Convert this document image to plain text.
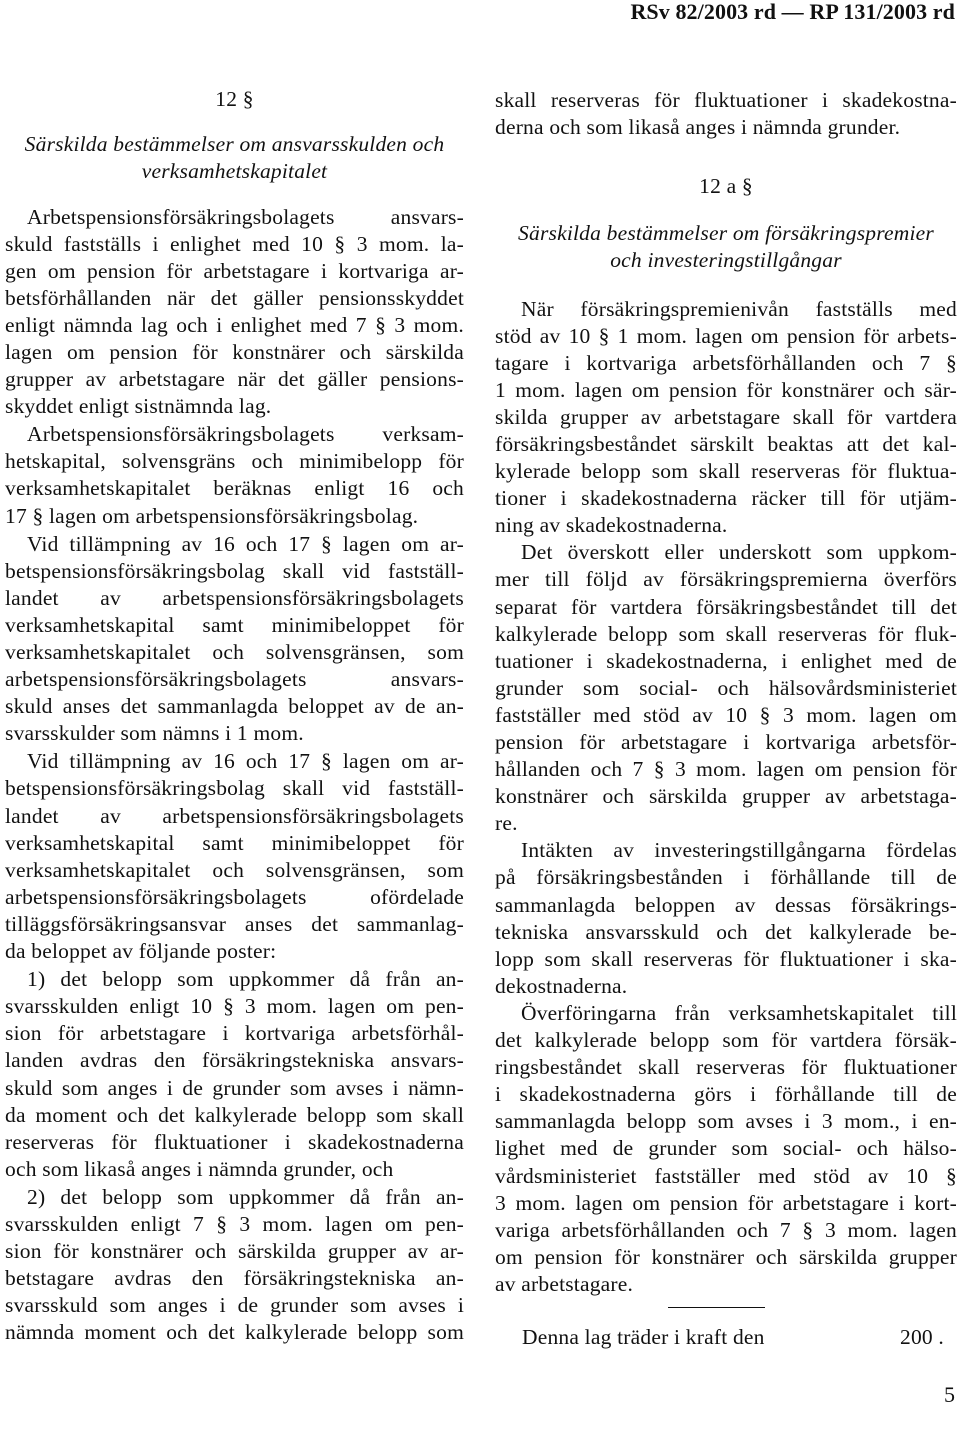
RSv 82/2003 rd — RP 131/2003 rd
12 §
Särskilda bestämmelser om ansvarsskulden och
verksamhetskapitalet
Arbetspensionsförsäkringsbolagets ansvars-
skuld fastställs i enlighet med 10 § 3 mom. la-
gen om pension för arbetstagare i kortvariga ar-
betsförhållanden när det gäller pensionsskyddet
enligt nämnda lag och i enlighet med 7 § 3 mom.
lagen om pension för konstnärer och särskilda
grupper av arbetstagare när det gäller pensions-
skyddet enligt sistnämnda lag.
Arbetspensionsförsäkringsbolagets verksam-
hetskapital, solvensgräns och minimibelopp för
verksamhetskapitalet beräknas enligt 16 och
17 § lagen om arbetspensionsförsäkringsbolag.
Vid tillämpning av 16 och 17 § lagen om ar-
betspensionsförsäkringsbolag skall vid fastställ-
landet av arbetspensionsförsäkringsbolagets
verksamhetskapital samt minimibeloppet för
verksamhetskapitalet och solvensgränsen, som
arbetspensionsförsäkringsbolagets ansvars-
skuld anses det sammanlagda beloppet av de an-
svarsskulder som nämns i 1 mom.
Vid tillämpning av 16 och 17 § lagen om ar-
betspensionsförsäkringsbolag skall vid fastställ-
landet av arbetspensionsförsäkringsbolagets
verksamhetskapital samt minimibeloppet för
verksamhetskapitalet och solvensgränsen, som
arbetspensionsförsäkringsbolagets ofördelade
tilläggsförsäkringsansvar anses det sammanlag-
da beloppet av följande poster:
1) det belopp som uppkommer då från an-
svarsskulden enligt 10 § 3 mom. lagen om pen-
sion för arbetstagare i kortvariga arbetsförhål-
landen avdras den försäkringstekniska ansvars-
skuld som anges i de grunder som avses i nämn-
da moment och det kalkylerade belopp som skall
reserveras för fluktuationer i skadekostnaderna
och som likaså anges i nämnda grunder, och
2) det belopp som uppkommer då från an-
svarsskulden enligt 7 § 3 mom. lagen om pen-
sion för konstnärer och särskilda grupper av ar-
betstagare avdras den försäkringstekniska an-
svarsskuld som anges i de grunder som avses i
nämnda moment och det kalkylerade belopp som
skall reserveras för fluktuationer i skadekostna-
derna och som likaså anges i nämnda grunder.
12 a §
Särskilda bestämmelser om försäkringspremier
och investeringstillgångar
När försäkringspremienivån fastställs med
stöd av 10 § 1 mom. lagen om pension för arbets-
tagare i kortvariga arbetsförhållanden och 7 §
1 mom. lagen om pension för konstnärer och sär-
skilda grupper av arbetstagare skall för vartdera
försäkringsbeståndet särskilt beaktas att det kal-
kylerade belopp som skall reserveras för fluktua-
tioner i skadekostnaderna räcker till för utjäm-
ning av skadekostnaderna.
Det överskott eller underskott som uppkom-
mer till följd av försäkringspremierna överförs
separat för vartdera försäkringsbeståndet till det
kalkylerade belopp som skall reserveras för fluk-
tuationer i skadekostnaderna, i enlighet med de
grunder som social- och hälsovårdsministeriet
fastställer med stöd av 10 § 3 mom. lagen om
pension för arbetstagare i kortvariga arbetsför-
hållanden och 7 § 3 mom. lagen om pension för
konstnärer och särskilda grupper av arbetstaga-
re.
Intäkten av investeringstillgångarna fördelas
på försäkringsbestånden i förhållande till de
sammanlagda beloppen av dessas försäkrings-
tekniska ansvarsskuld och det kalkylerade be-
lopp som skall reserveras för fluktuationer i ska-
dekostnaderna.
Överföringarna från verksamhetskapitalet till
det kalkylerade belopp som för vartdera försäk-
ringsbeståndet skall reserveras för fluktuationer
i skadekostnaderna görs i förhållande till de
sammanlagda belopp som avses i 3 mom., i en-
lighet med de grunder som social- och hälso-
vårdsministeriet fastställer med stöd av 10 §
3 mom. lagen om pension för arbetstagare i kort-
variga arbetsförhållanden och 7 § 3 mom. lagen
om pension för konstnärer och särskilda grupper
av arbetstagare.
Denna lag träder i kraft den	200 .
5
